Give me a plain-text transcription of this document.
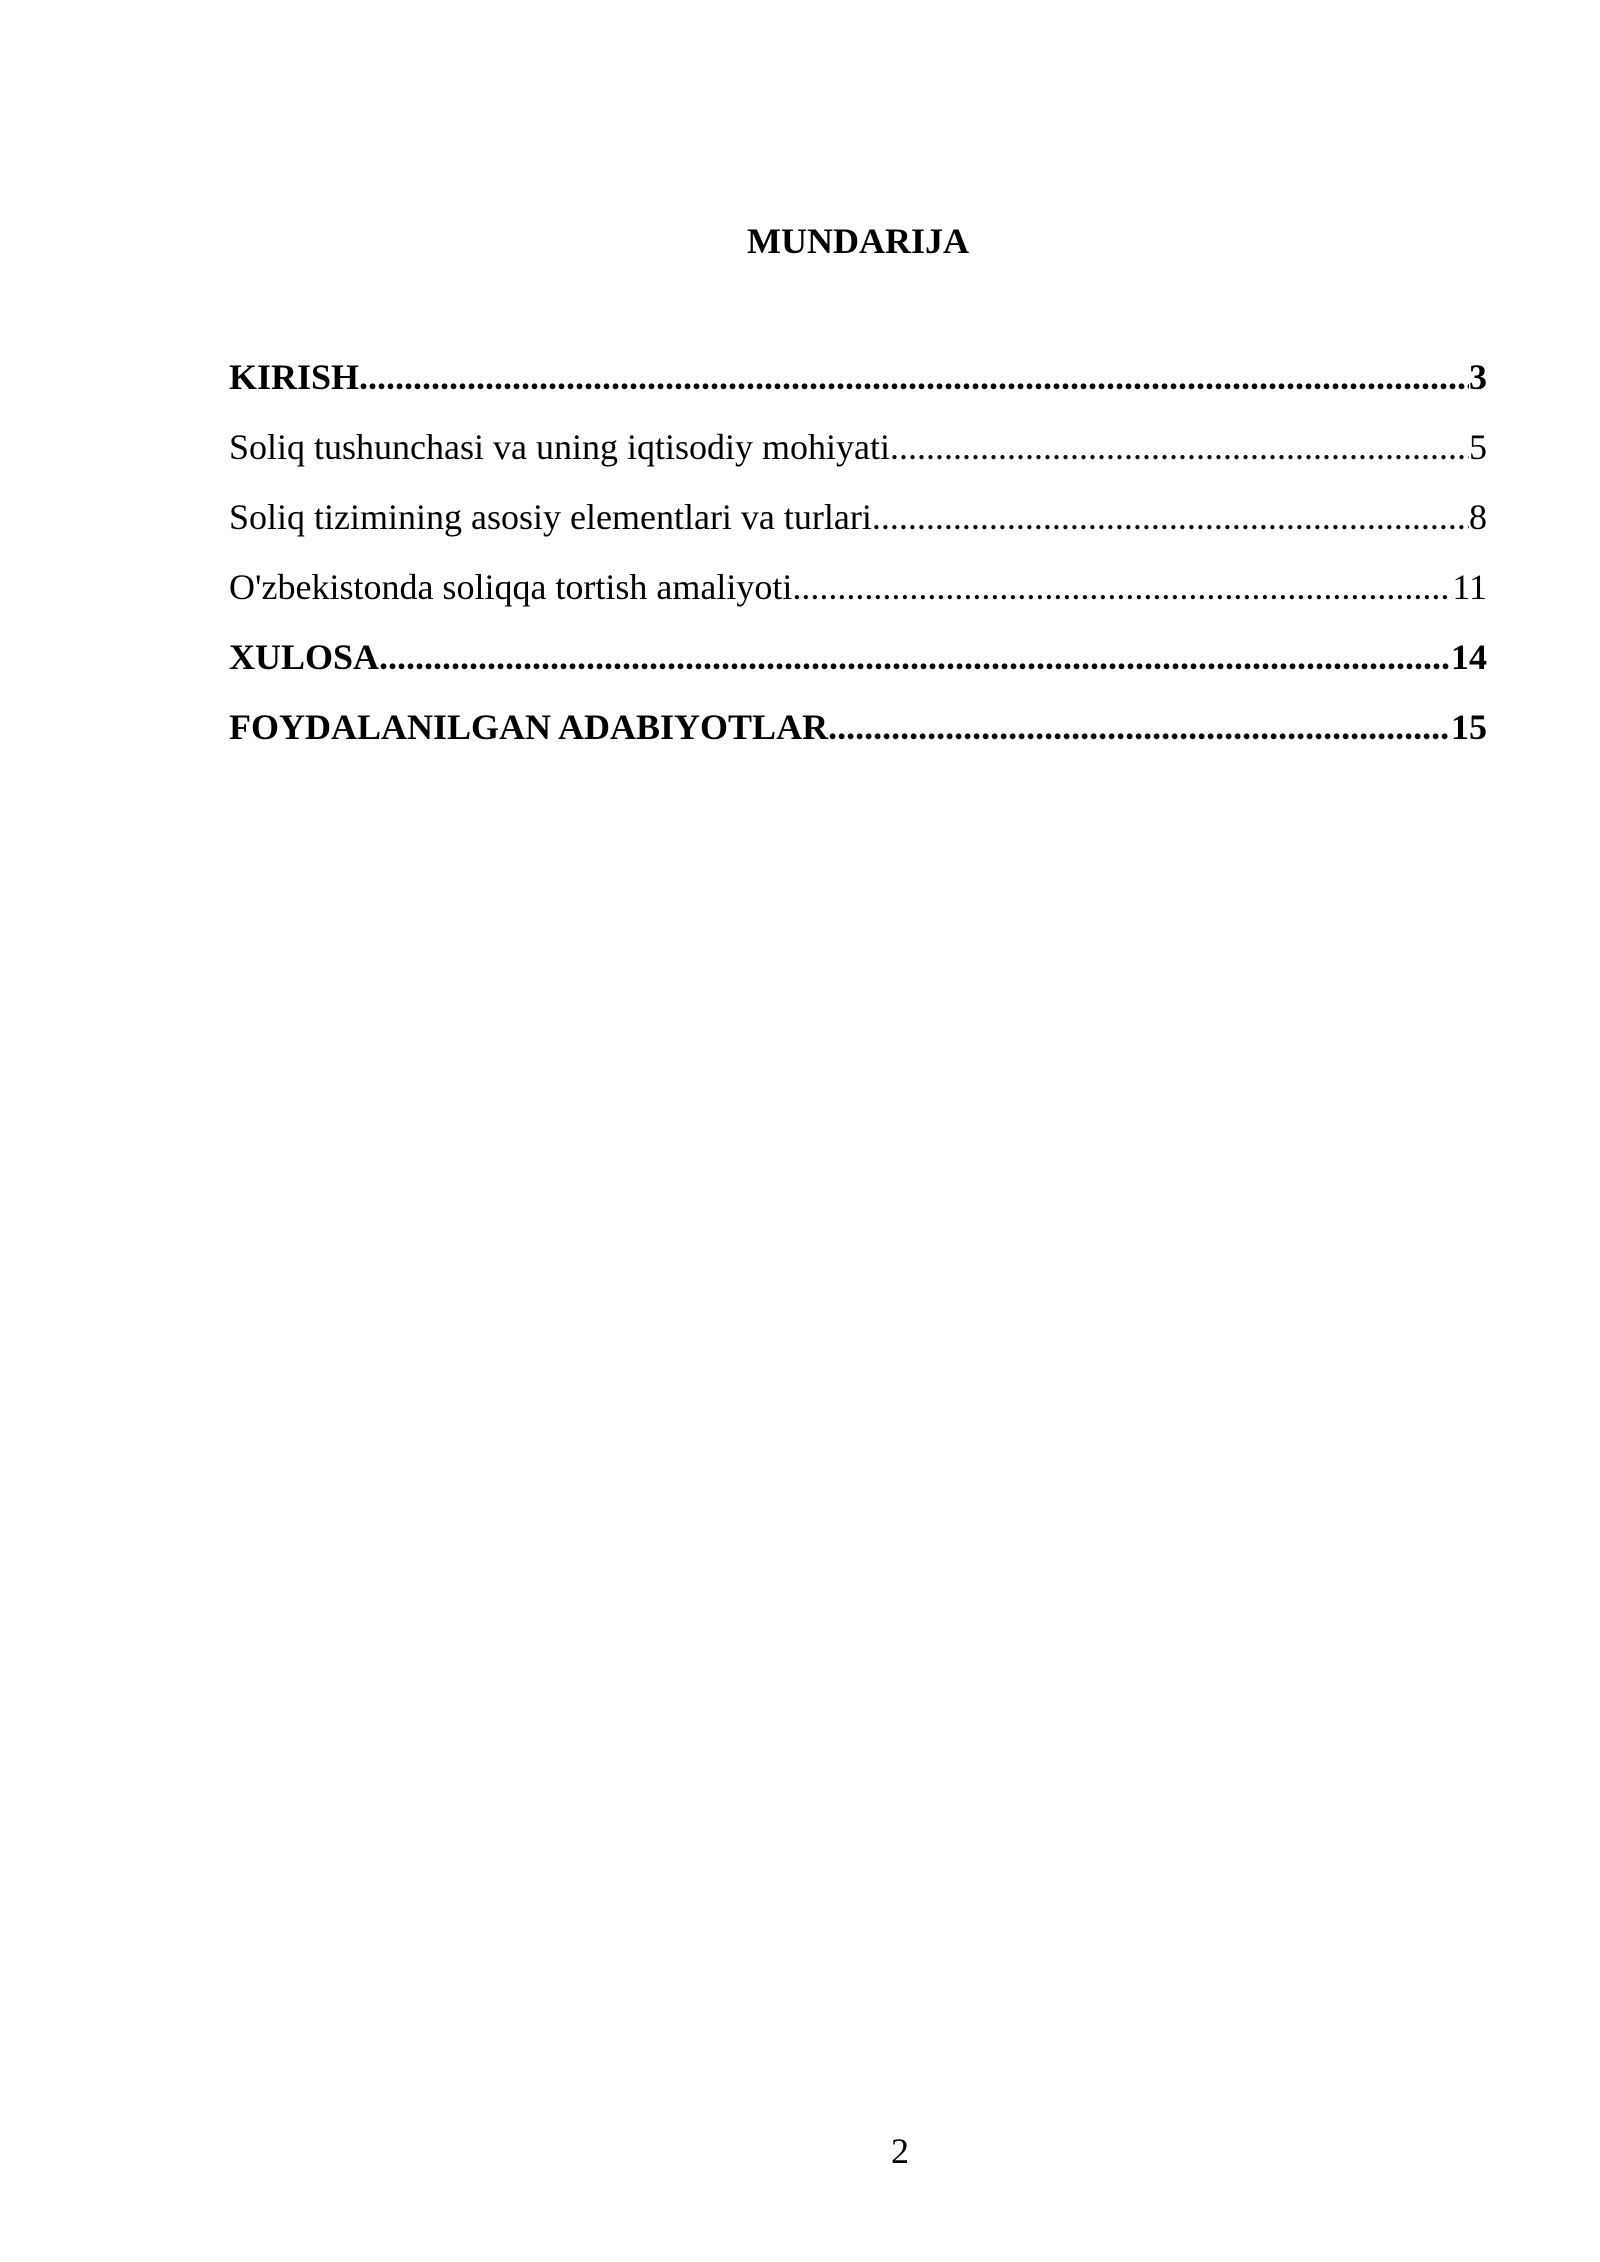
MUNDARIJA
KIRISH .....	3
Soliq tushunchasi va uning iqtisodiy mohiyati .....	5
Soliq tizimining asosiy elementlari va turlari .....	8
O'zbekistonda soliqqa tortish amaliyoti .....	11
XULOSA .....	14
FOYDALANILGAN ADABIYOTLAR .....	15
2
